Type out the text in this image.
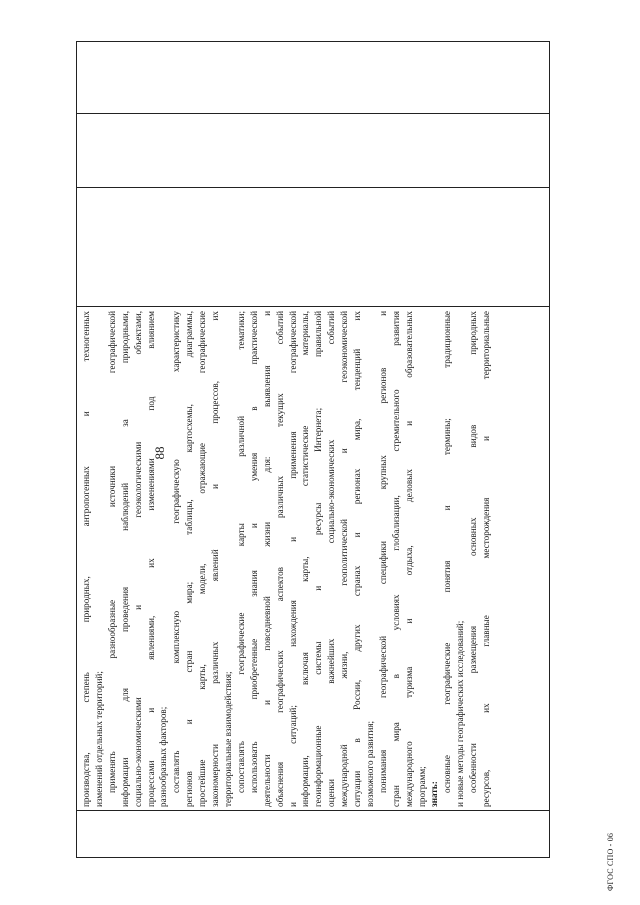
88
производства, степень природных, антропогенных и техногенных изменений отдельных территорий; применять разнообразные источники географической информации для проведения наблюдений за природными, социально-экономическими и геоэкологическими объектами, процессами и явлениями, их изменениями под влиянием разнообразных факторов; составлять комплексную географическую характеристику регионов и стран мира; таблицы, картосхемы, диаграммы, простейшие карты, модели, отражающие географические закономерности различных явлений и процессов, их территориальные взаимодействия; сопоставлять географические карты различной тематики; использовать приобретенные знания и умения в практической деятельности и повседневной жизни для: выявления и объяснения географических аспектов различных текущих событий и ситуаций; нахождения и применения географической информации, включая карты, статистические материалы, геоинформационные системы и ресурсы Интернета; правильной оценки важнейших социально-экономических событий международной жизни, геополитической и геоэкономической ситуации в России, других странах и регионах мира, тенденций их возможного развития; понимания географической специфики крупных регионов и стран мира в условиях глобализации, стремительного развития международного туризма и отдыха, деловых и образовательных программ; знать:
основные географические понятия и термины; традиционные и новые методы географических исследований; особенности размещения основных видов природных ресурсов, их главные месторождения и территориальные
ФГОС СПО - 06
